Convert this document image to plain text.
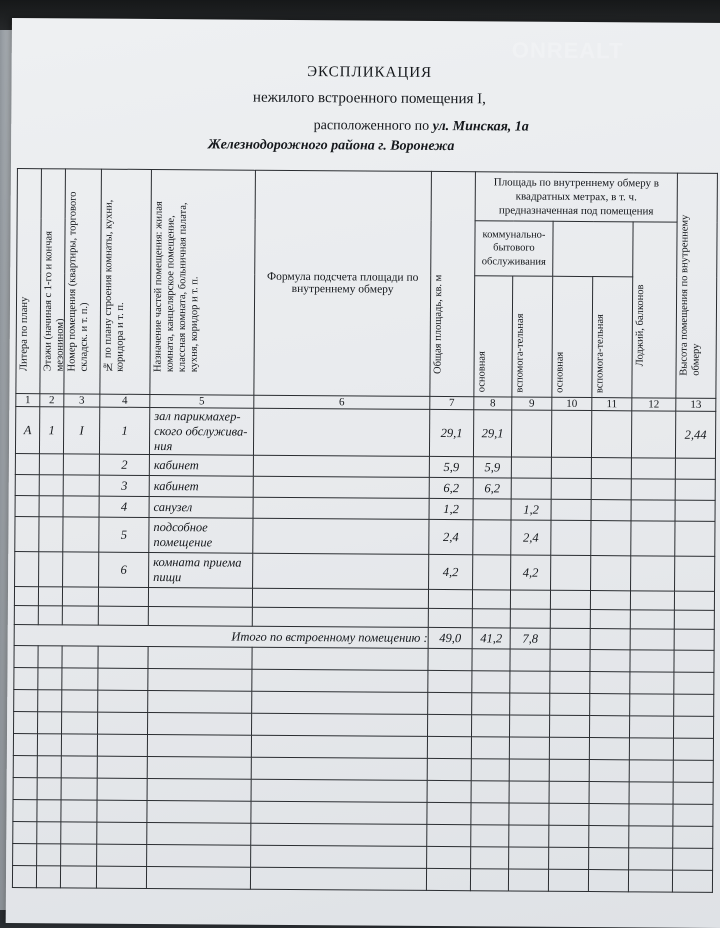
ONREALT
ЭКСПЛИКАЦИЯ
нежилого встроенного помещения I,
расположенного по ул. Минская, 1а
Железнодорожного района г. Воронежа
Литера по плану	Этажи (начиная с 1-го и кончая мезонином)	Номер помещения (квартиры, торгового складск. и т. п.)	№ по плану строения комнаты, кухни, коридора и т. п.	Назначение частей помещения: жилая комната, канцелярское помещение, классная комната, больничная палата, кухня, коридор и т. п.	Формула подсчета площади по внутреннему обмеру	Общая площадь, кв. м	Площадь по внутреннему обмеру в квадратных метрах, в т. ч. предназначенная под помещения					Высота помещения по внутреннему обмеру

							коммунально-бытового обслуживания				Лоджий, балконов	

							основная	вспомога-тельная	основная	вспомога-тельная		

1	2	3	4	5	6	7	8	9	10	11	12	13
А	1	I	1	зал парикмахер-ского обслужива-ния		29,1	29,1					2,44
			2	кабинет		5,9	5,9					
			3	кабинет		6,2	6,2					
			4	санузел		1,2		1,2				
			5	подсобное помещение		2,4		2,4				
			6	комната приема пищи		4,2		4,2				

Итого по встроенному помещению :						49,0	41,2	7,8				
